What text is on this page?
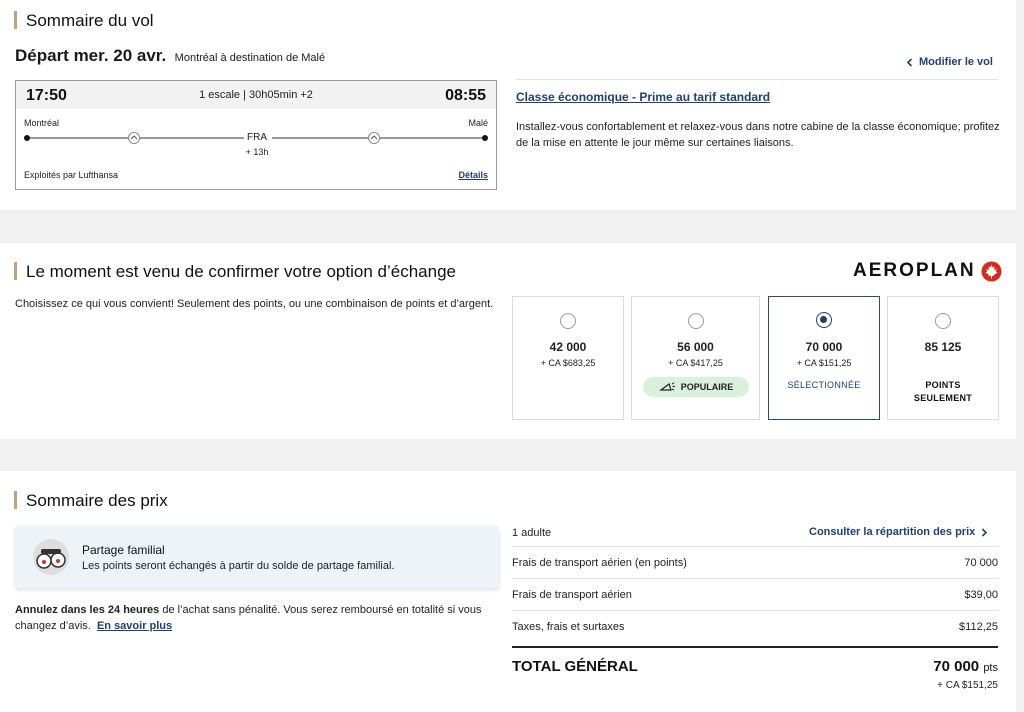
Sommaire du vol
Départ mer. 20 avr. Montréal à destination de Malé	Modifier le vol
17:50	1 escale | 30h05min +2	08:55
Montréal	Malé
FRA
+ 13h
Exploités par Lufthansa	Détails
Classe économique - Prime au tarif standard

Installez-vous confortablement et relaxez-vous dans notre cabine de la classe économique; profitez de la mise en attente le jour même sur certaines liaisons.

Le moment est venu de confirmer votre option d’échange	AEROPLAN

Choisissez ce qui vous convient! Seulement des points, ou une combinaison de points et d’argent.

42 000
+ CA $683,25
56 000
+ CA $417,25
POPULAIRE
70 000
+ CA $151,25
SÉLECTIONNÉE
85 125
POINTS
SEULEMENT
Sommaire des prix
Partage familial
Les points seront échangés à partir du solde de partage familial.

Annulez dans les 24 heures de l’achat sans pénalité. Vous serez remboursé en totalité si vous changez d’avis. En savoir plus

1 adulte	Consulter la répartition des prix
Frais de transport aérien (en points)	70 000
Frais de transport aérien	$39,00
Taxes, frais et surtaxes	$112,25
TOTAL GÉNÉRAL	70 000 pts
+ CA $151,25
